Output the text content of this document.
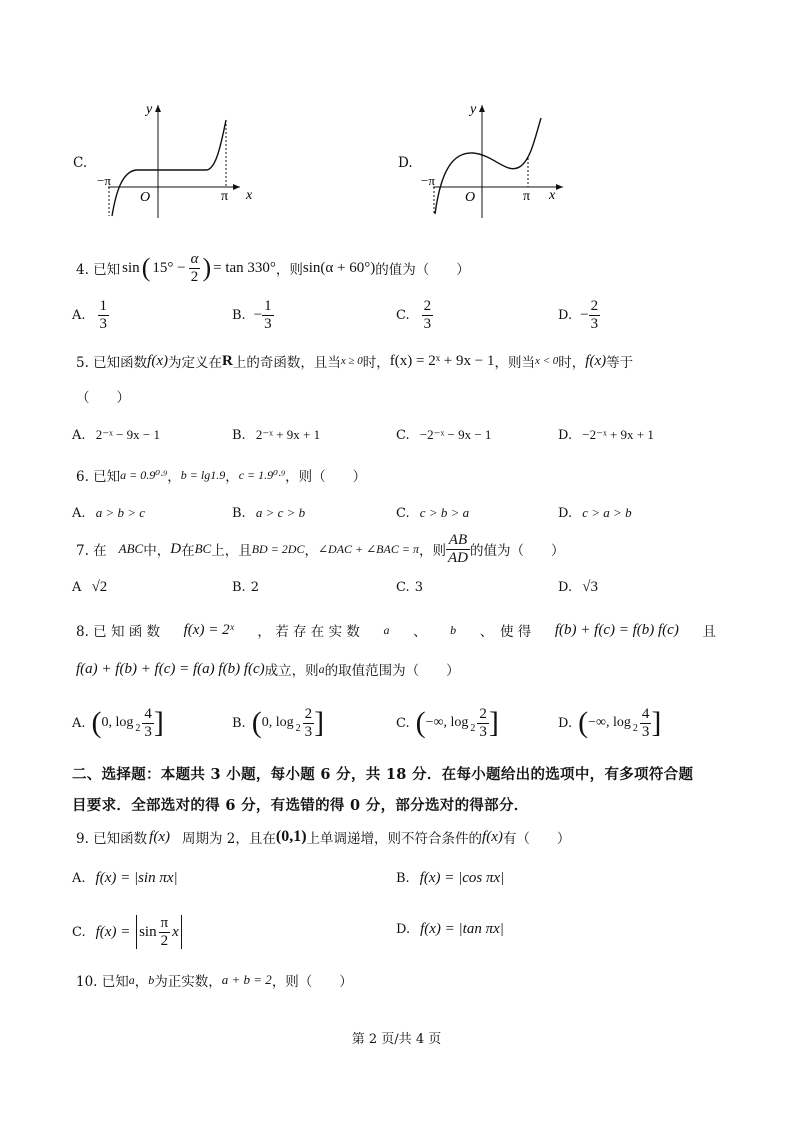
C.
−π
O	π x
y
D.
−π
O	π x
y
4. 已知 sin ( $15^\circ - \frac{\alpha}{2}$ ) = tan 330° ，则 sin(α + 60°) 的值为（　　）
A. $\frac{1}{3}$	B. − $\frac{1}{3}$	C. $\frac{2}{3}$	D. − $\frac{2}{3}$
5. 已知函数 f(x) 为定义在 R 上的奇函数，且当 x ≥ 0 时， f(x) = 2ˣ + 9x − 1 ，则当 x < 0 时， f(x) 等于
（　　）
A. 2⁻ˣ − 9x − 1	B. 2⁻ˣ + 9x + 1	C. −2⁻ˣ − 9x − 1	D. −2⁻ˣ + 9x + 1
6. 已知 a = 0.9⁰·⁹ ， b = lg1.9 ， c = 1.9⁰·⁹ ，则（　　）
A. a > b > c	B. a > c > b	C. c > b > a	D. c > a > b
7. 在 ABC 中， D 在 BC 上，且 BD = 2DC ， ∠DAC + ∠BAC = π ，则 $\frac{AB}{AD}$ 的值为（　　）
A √2	B. 2	C. 3	D. √3
8. 已 知 函 数 f(x) = 2ˣ ， 若 存 在 实 数 a 、 b 、　使 得 f(b) + f(c) = f(b) f(c) 且
f(a) + f(b) + f(c) = f(a) f(b) f(c) 成立，则 a 的取值范围为（　　）
A. ( 0, $\log 2 \frac{4}{3}$ ]	B. ( 0, $\log 2 \frac{2}{3}$ ]	C. ( −∞, $\log 2 \frac{2}{3}$ ]	D. ( −∞, $\log 2 \frac{4}{3}$ ]
二、选择题：本题共 3 小题，每小题 6 分，共 18 分．在每小题给出的选项中，有多项符合题
目要求．全部选对的得 6 分，有选错的得 0 分，部分选对的得部分．
9. 已知函数 f(x) 周期为 2，且在 (0,1) 上单调递增，则不符合条件的 f(x) 有（　　）
A. f(x) = |sin πx|	B. f(x) = |cos πx|
C. $f(x) = \sin \frac{\pi}{2}$ x	D. f(x) = |tan πx|
10. 已知 a ， b 为正实数， a + b = 2 ，则（　　）
第 2 页/共 4 页
